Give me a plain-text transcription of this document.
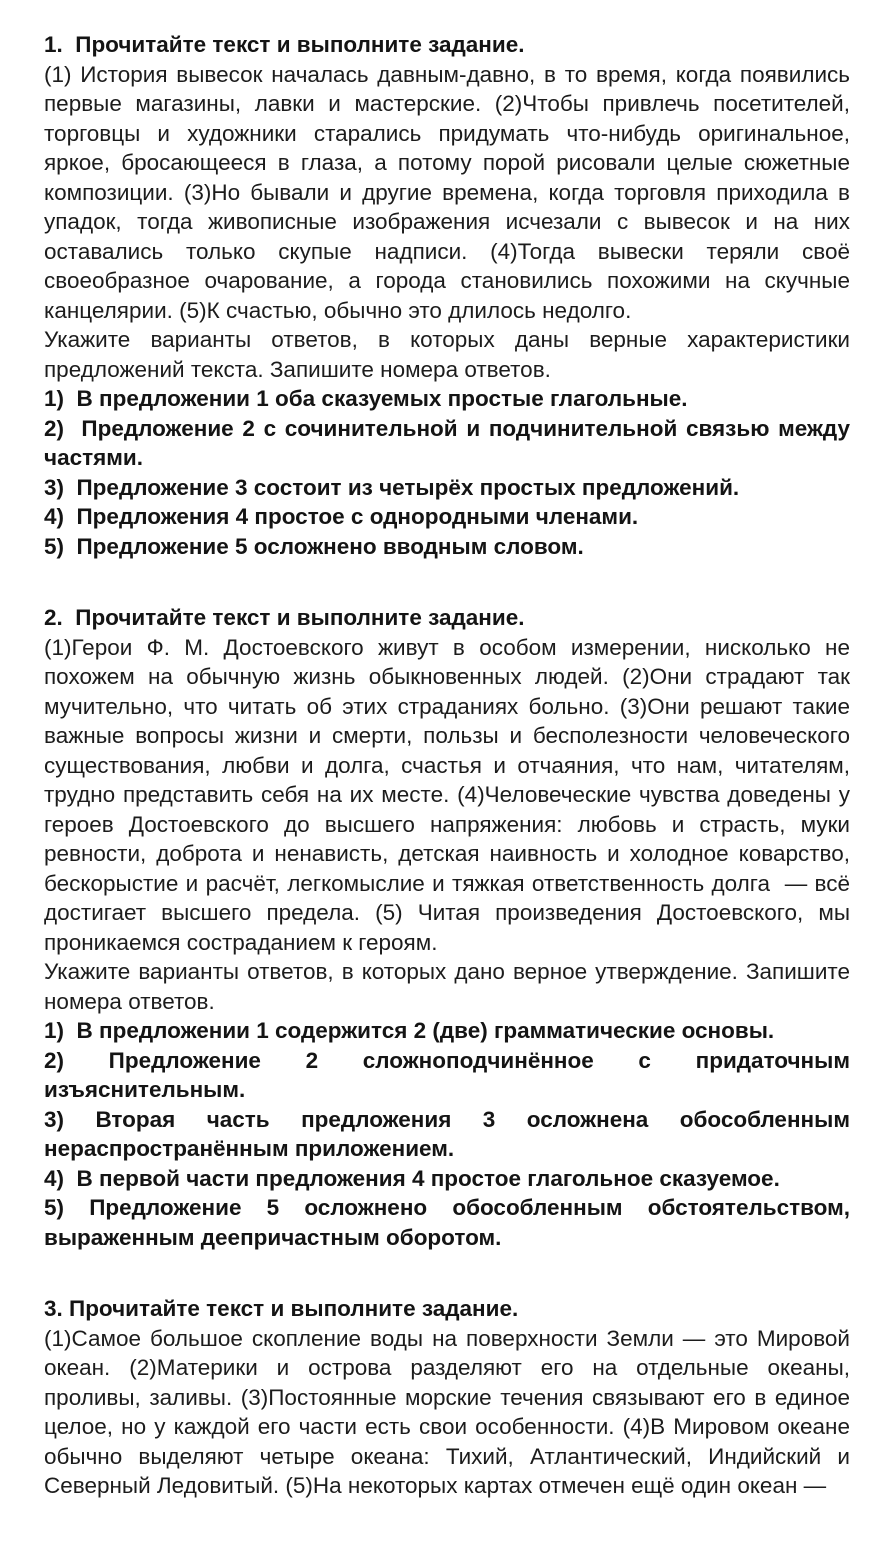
1.  Прочитайте текст и выполните задание.

(1) История вывесок началась давным-давно, в то время, когда появились первые магазины, лавки и мастерские. (2)Чтобы привлечь посетителей, торговцы и художники старались придумать что-нибудь оригинальное, яркое, бросающееся в глаза, а потому порой рисовали целые сюжетные композиции. (3)Но бывали и другие времена, когда торговля приходила в упадок, тогда живописные изображения исчезали с вывесок и на них оставались только скупые надписи. (4)Тогда вывески теряли своё своеобразное очарование, а города становились похожими на скучные канцелярии. (5)К счастью, обычно это длилось недолго.

Укажите варианты ответов, в которых даны верные характеристики предложений текста. Запишите номера ответов.

1)  В предложении 1 оба сказуемых простые глагольные.

2)  Предложение 2 с сочинительной и подчинительной связью между частями.

3)  Предложение 3 состоит из четырёх простых предложений.

4)  Предложения 4 простое с однородными членами.

5)  Предложение 5 осложнено вводным словом.

2.  Прочитайте текст и выполните задание.

(1)Герои Ф. М. Достоевского живут в особом измерении, нисколько не похожем на обычную жизнь обыкновенных людей. (2)Они страдают так мучительно, что читать об этих страданиях больно. (3)Они решают такие важные вопросы жизни и смерти, пользы и бесполезности человеческого существования, любви и долга, счастья и отчаяния, что нам, читателям, трудно представить себя на их месте. (4)Человеческие чувства доведены у героев Достоевского до высшего напряжения: любовь и страсть, муки ревности, доброта и ненависть, детская наивность и холодное коварство, бескорыстие и расчёт, легкомыслие и тяжкая ответственность долга  — всё достигает высшего предела. (5) Читая произведения Достоевского, мы проникаемся состраданием к героям.

Укажите варианты ответов, в которых дано верное утверждение. Запишите номера ответов.

1)  В предложении 1 содержится 2 (две) грамматические основы.

2) Предложение 2 сложноподчинённое с придаточным изъяснительным.

3) Вторая часть предложения 3 осложнена обособленным нераспространённым приложением.

4)  В первой части предложения 4 простое глагольное сказуемое.

5) Предложение 5 осложнено обособленным обстоятельством, выраженным деепричастным оборотом.

3. Прочитайте текст и выполните задание.

(1)Самое большое скопление воды на поверхности Земли — это Мировой океан. (2)Материки и острова разделяют его на отдельные океаны, проливы, заливы. (3)Постоянные морские течения связывают его в единое целое, но у каждой его части есть свои особенности. (4)В Мировом океане обычно выделяют четыре океана: Тихий, Атлантический, Индийский и Северный Ледовитый. (5)На некоторых картах отмечен ещё один океан —
